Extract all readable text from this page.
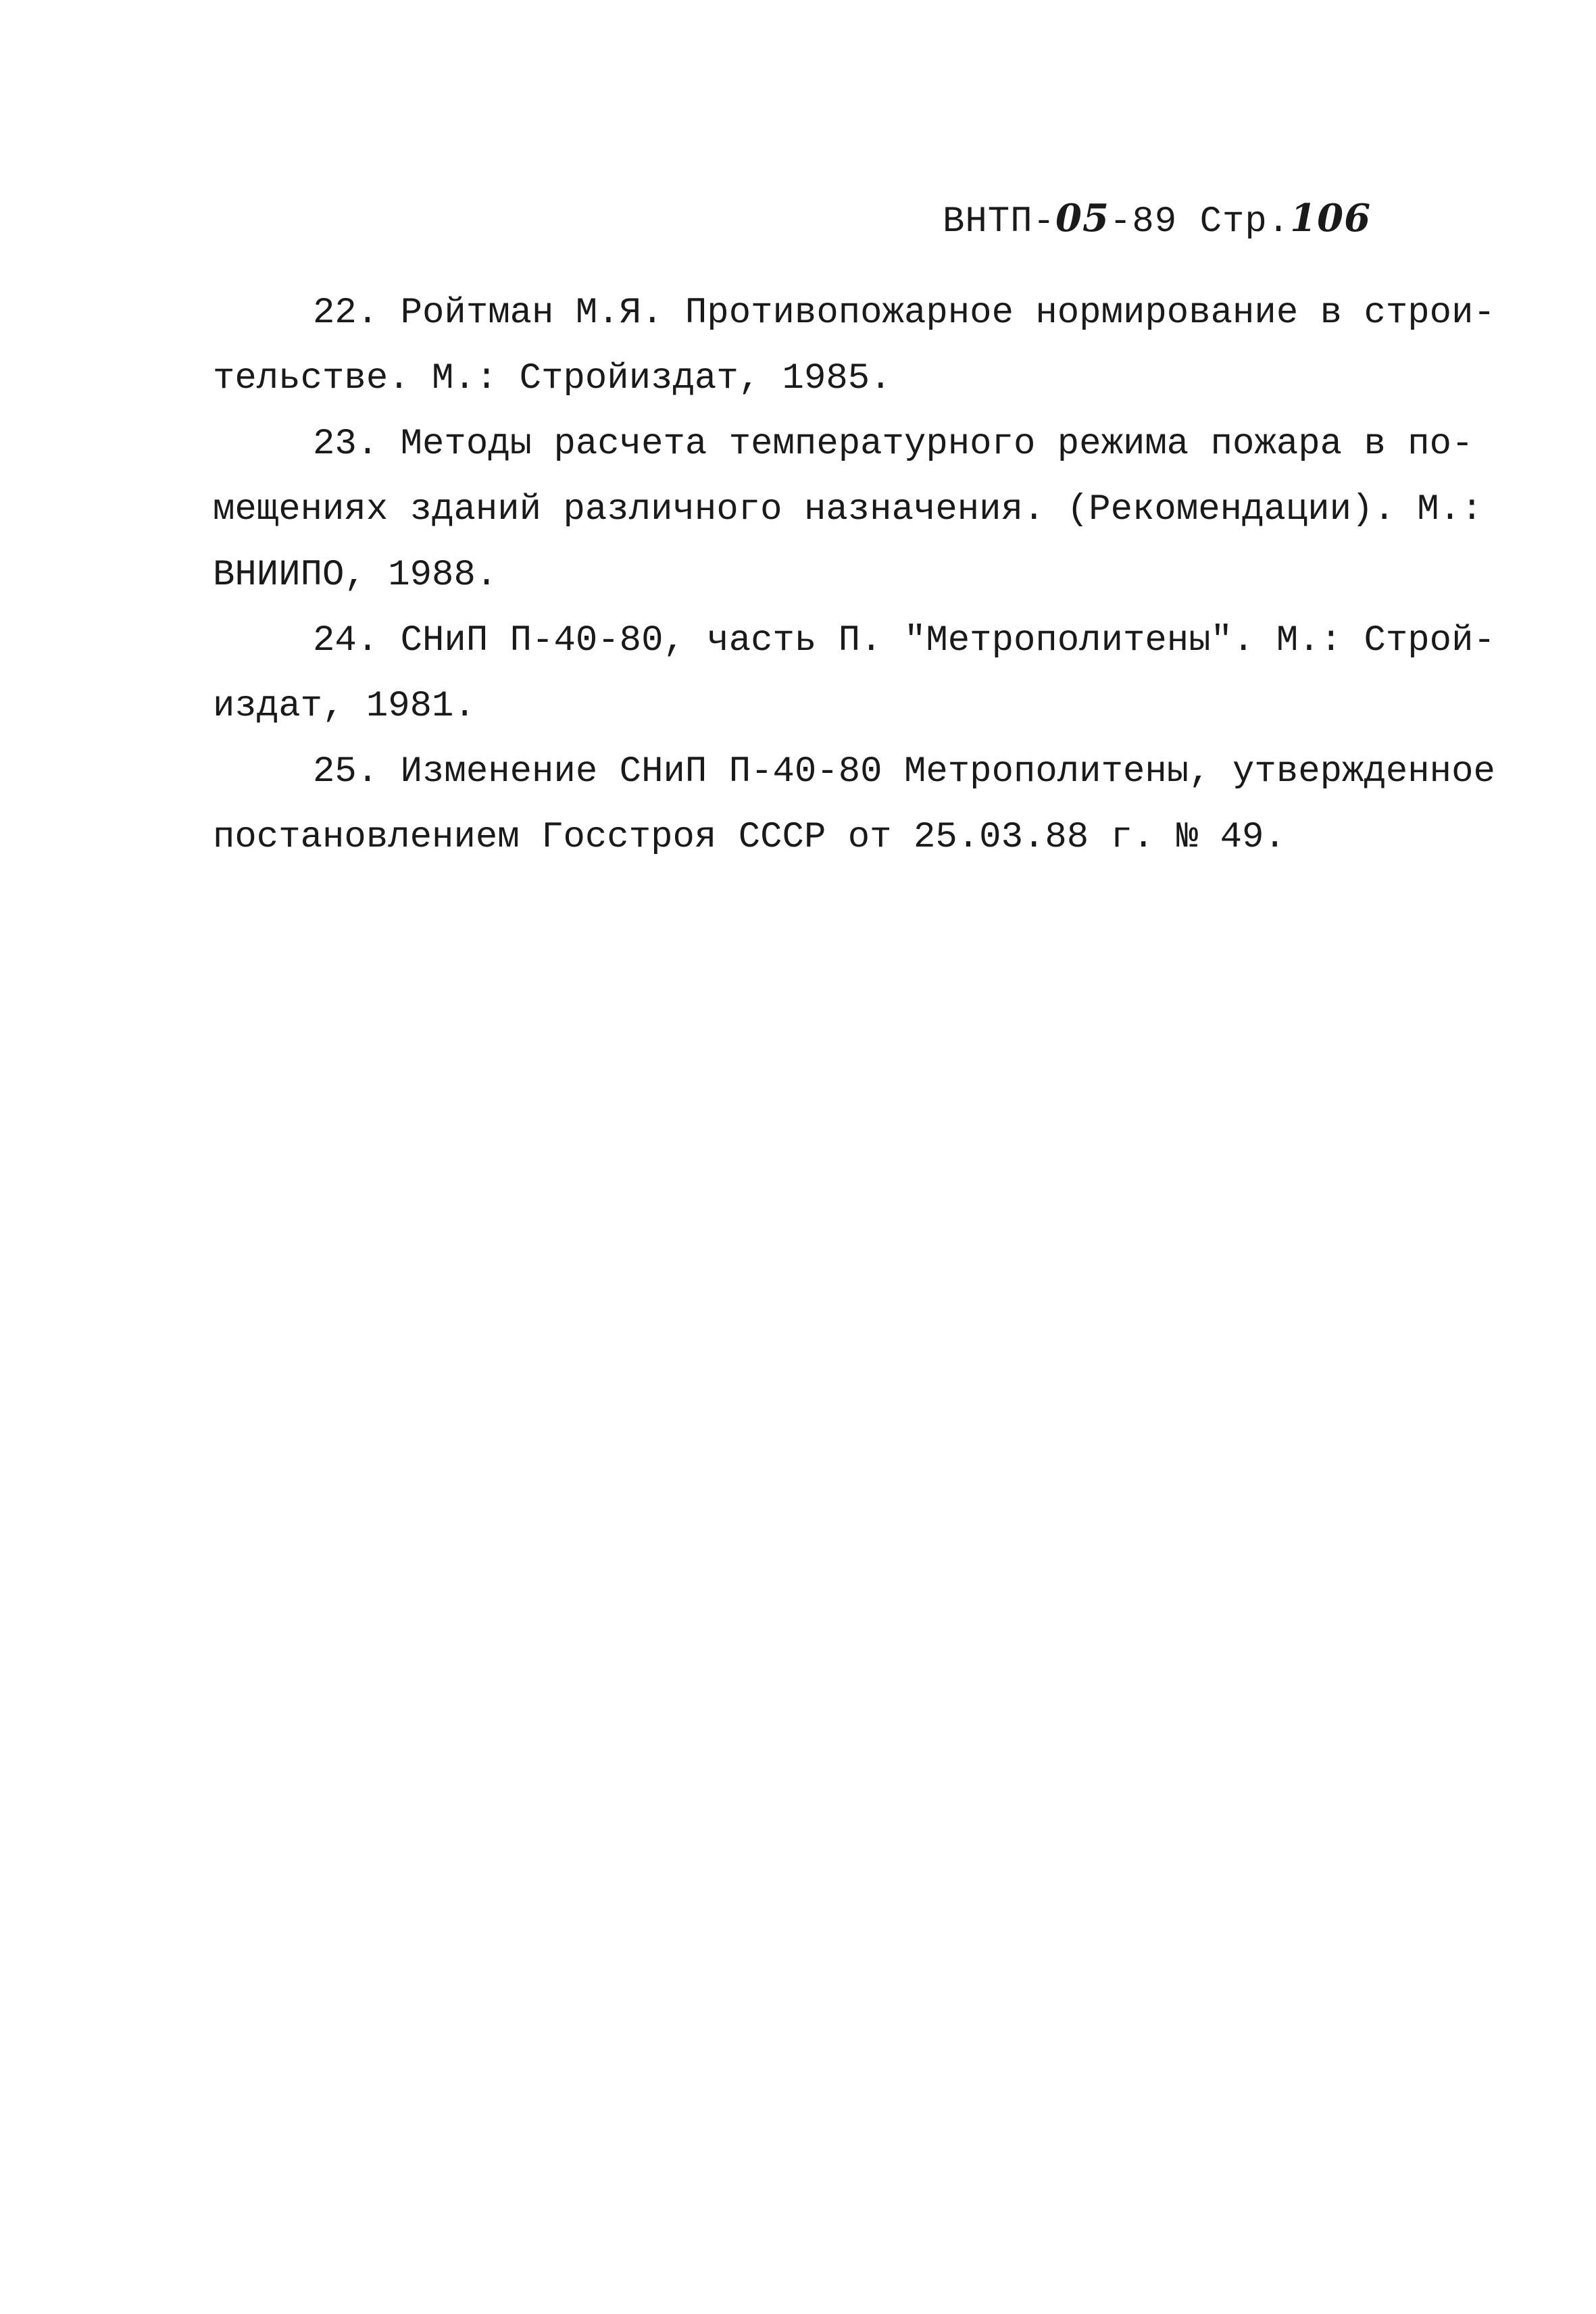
ВНТП-05-89 Стр.106
22. Ройтман М.Я. Противопожарное нормирование в строи-
тельстве. М.: Стройиздат, 1985.
23. Методы расчета температурного режима пожара в по-
мещениях зданий различного назначения. (Рекомендации). М.:
ВНИИПО, 1988.
24. СНиП П-40-80, часть П. "Метрополитены". М.: Строй-
издат, 1981.
25. Изменение СНиП П-40-80 Метрополитены, утвержденное
постановлением Госстроя СССР от 25.03.88 г. № 49.
